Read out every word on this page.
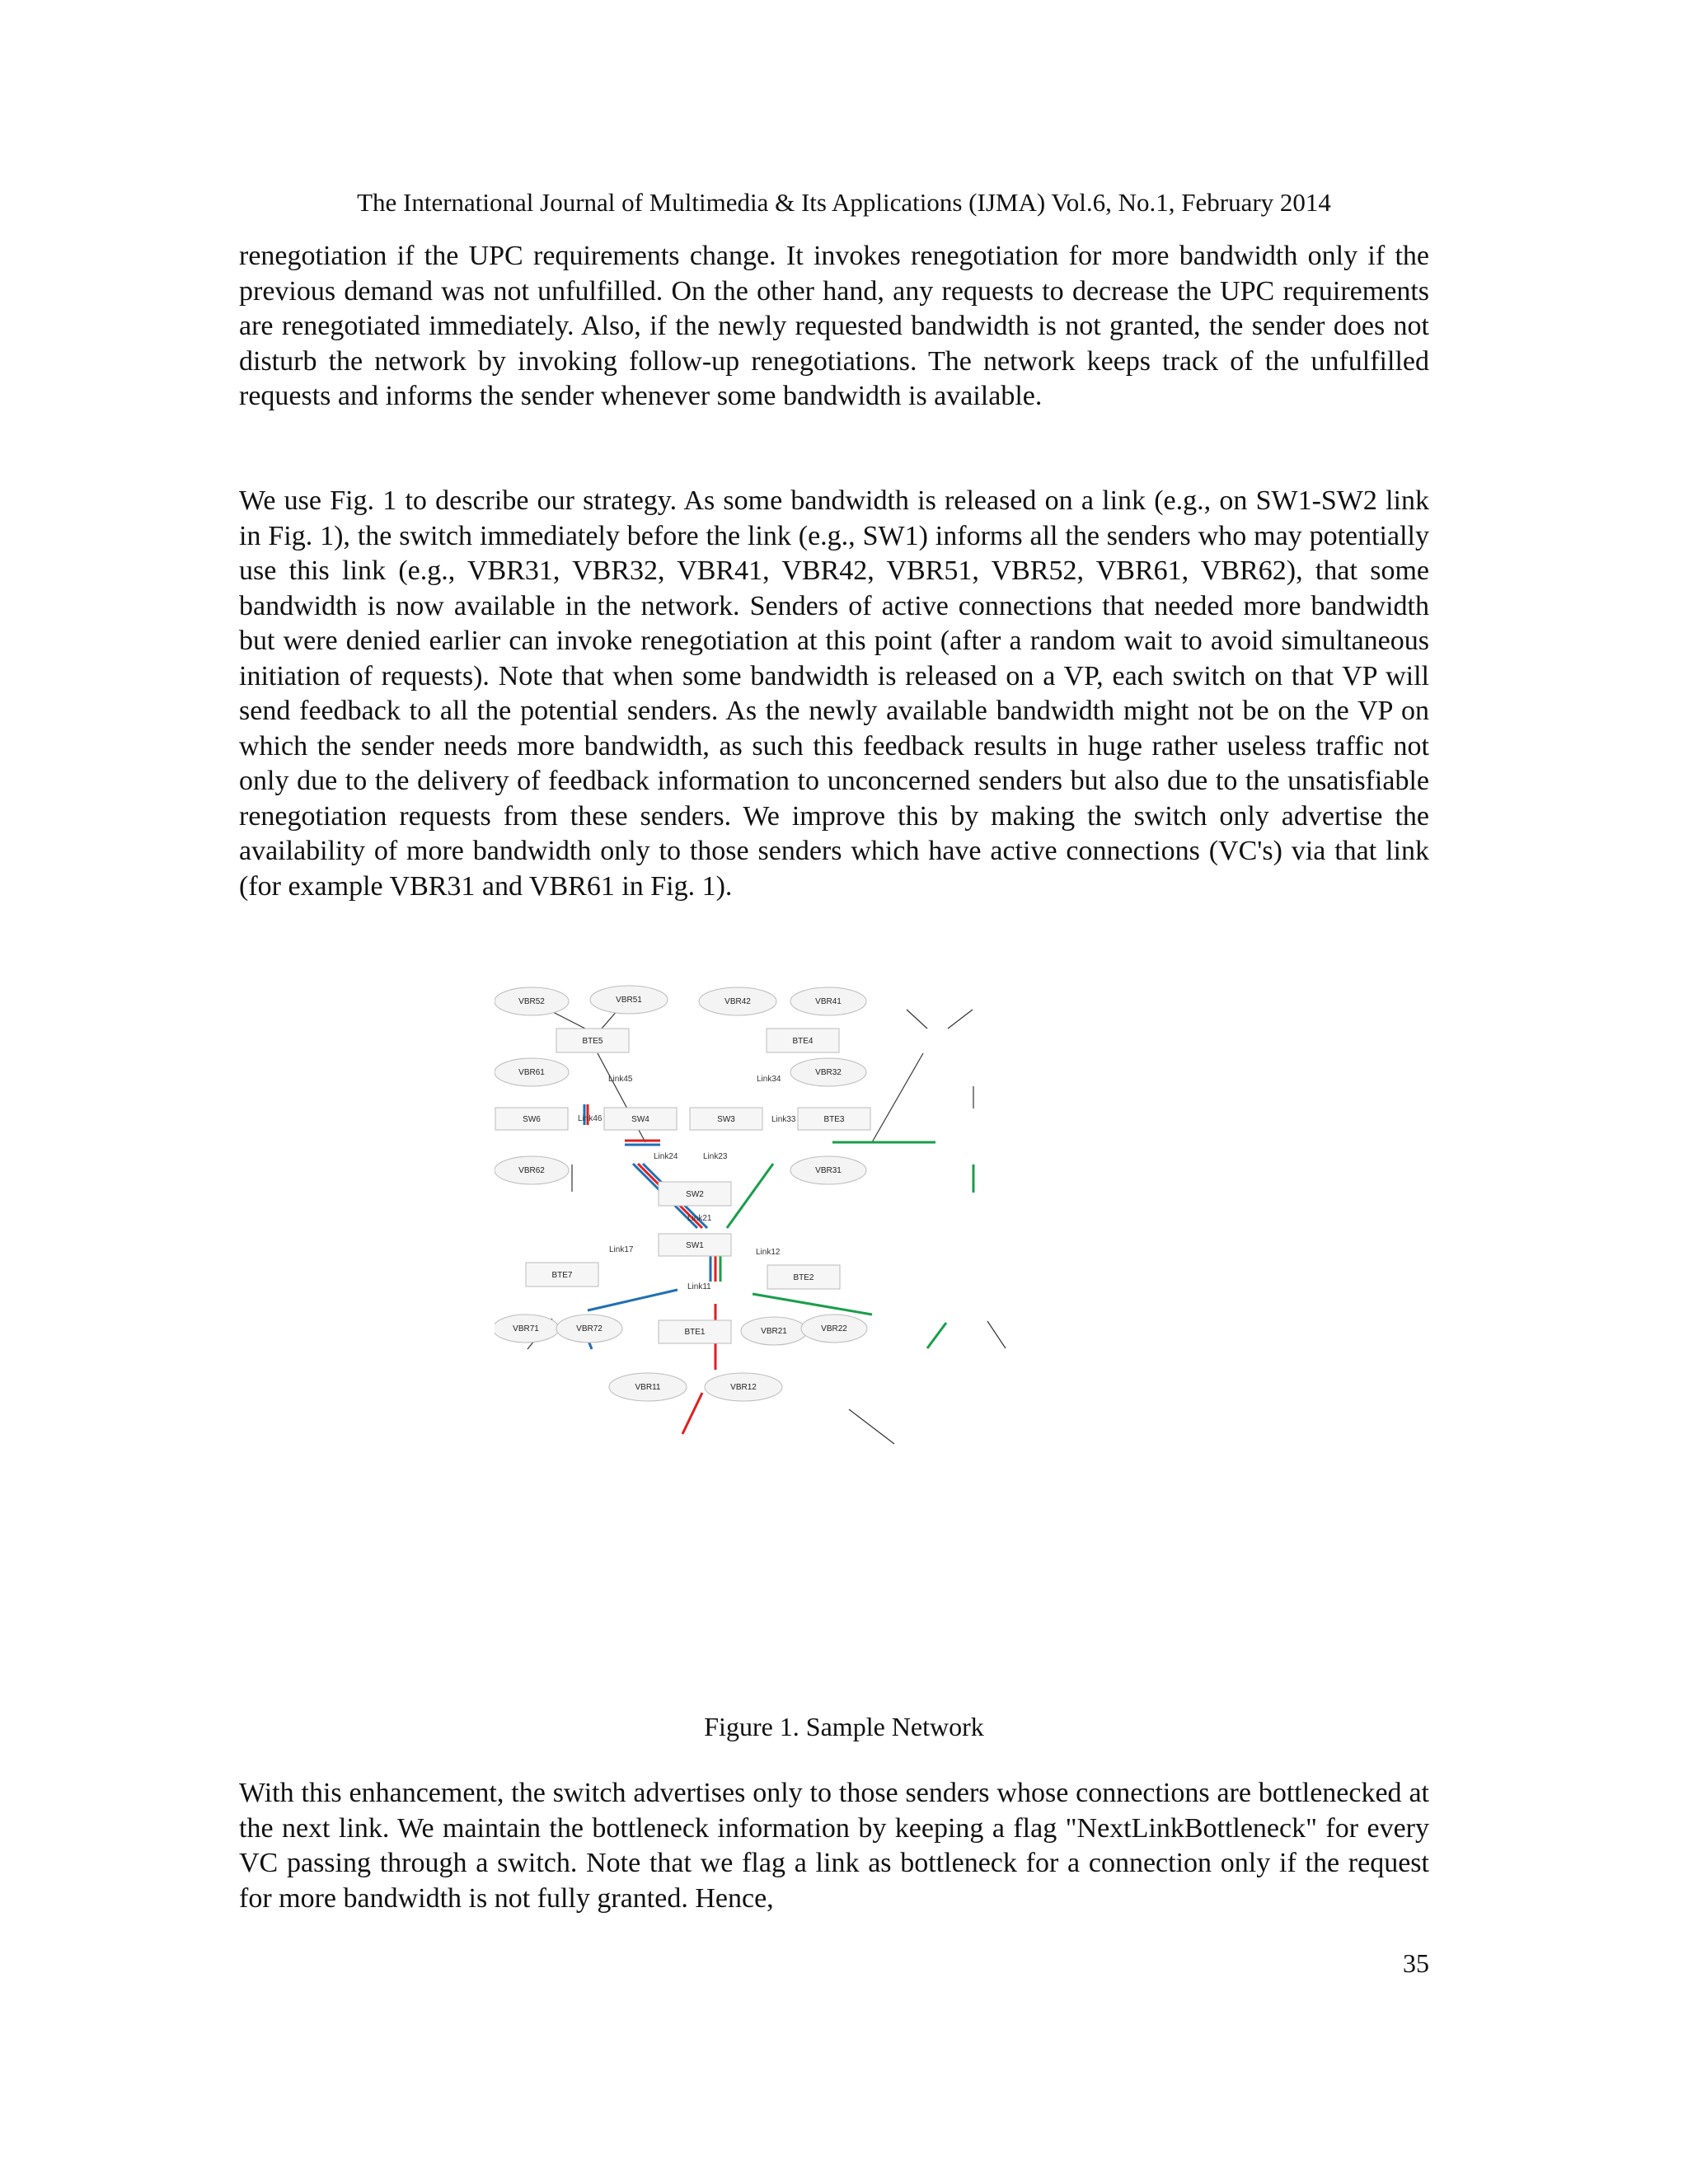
The International Journal of Multimedia & Its Applications (IJMA) Vol.6, No.1, February 2014

renegotiation if the UPC requirements change. It invokes renegotiation for more bandwidth only if the previous demand was not unfulfilled. On the other hand, any requests to decrease the UPC requirements are renegotiated immediately. Also, if the newly requested bandwidth is not granted, the sender does not disturb the network by invoking follow-up renegotiations. The network keeps track of the unfulfilled requests and informs the sender whenever some bandwidth is available.

We use Fig. 1 to describe our strategy. As some bandwidth is released on a link (e.g., on SW1-SW2 link in Fig. 1), the switch immediately before the link (e.g., SW1) informs all the senders who may potentially use this link (e.g., VBR31, VBR32, VBR41, VBR42, VBR51, VBR52, VBR61, VBR62), that some bandwidth is now available in the network. Senders of active connections that needed more bandwidth but were denied earlier can invoke renegotiation at this point (after a random wait to avoid simultaneous initiation of requests). Note that when some bandwidth is released on a VP, each switch on that VP will send feedback to all the potential senders. As the newly available bandwidth might not be on the VP on which the sender needs more bandwidth, as such this feedback results in huge rather useless traffic not only due to the delivery of feedback information to unconcerned senders but also due to the unsatisfiable renegotiation requests from these senders. We improve this by making the switch only advertise the availability of more bandwidth only to those senders which have active connections (VC's) via that link (for example VBR31 and VBR61 in Fig. 1).

VBR52	VBR51	VBR42	VBR41
BTE5	BTE4
VBR61	VBR32
SW6	SW4	SW3	BTE3
VBR62	VBR31
SW2
SW1
BTE7	BTE2
VBR71	VBR72	BTE1	VBR21	VBR22
VBR11	VBR12
Link45	Link34
Link46	Link33
Link24	Link23
Link21
Link17	Link12
Link11
Figure 1. Sample Network

With this enhancement, the switch advertises only to those senders whose connections are bottlenecked at the next link. We maintain the bottleneck information by keeping a flag "NextLinkBottleneck" for every VC passing through a switch. Note that we flag a link as bottleneck for a connection only if the request for more bandwidth is not fully granted. Hence,

35
